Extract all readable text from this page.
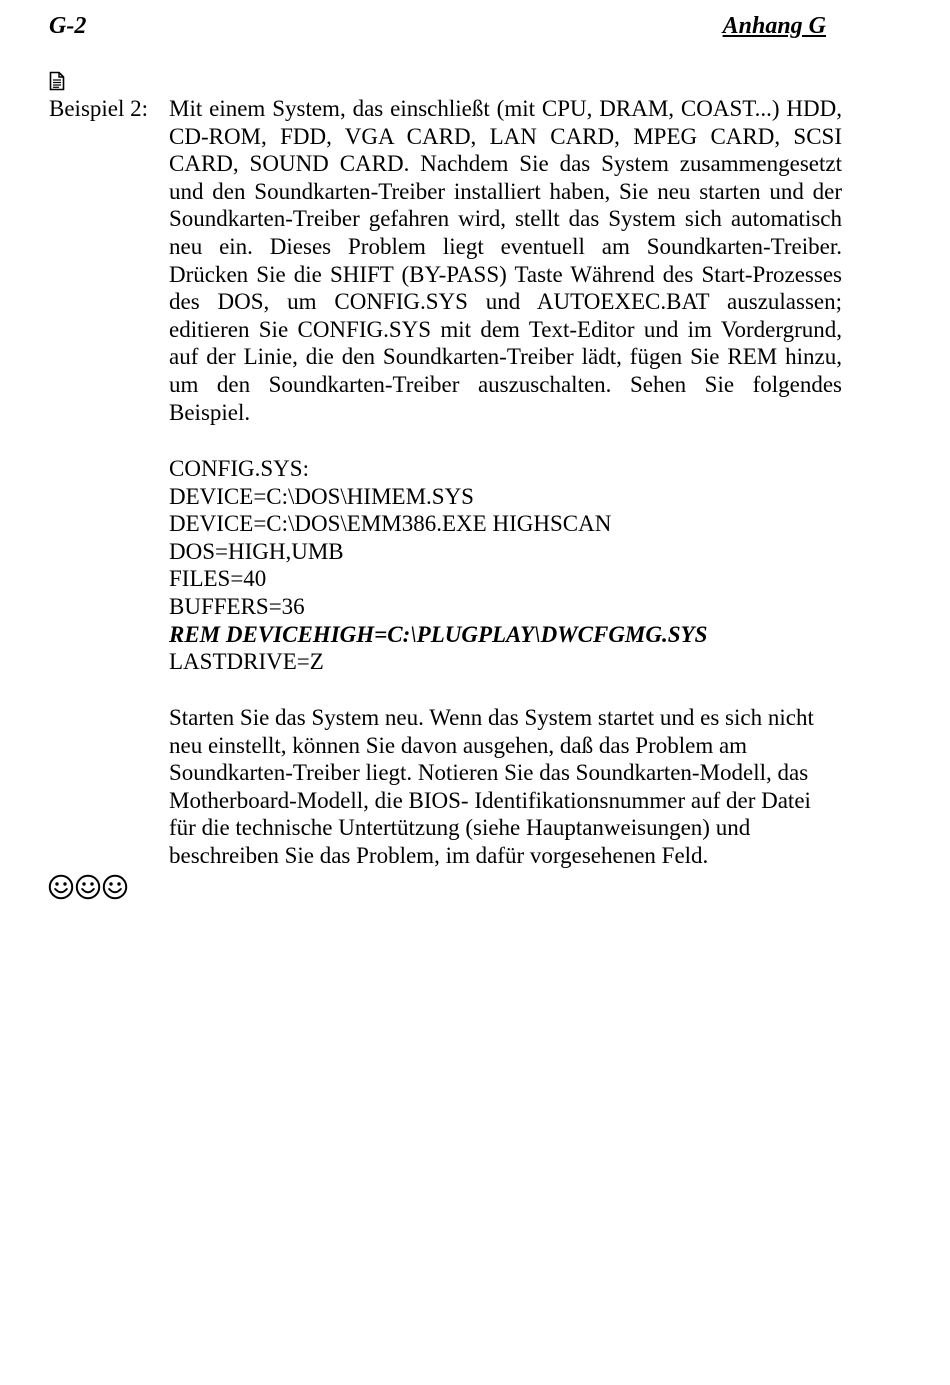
G-2	Anhang G
Beispiel 2: Mit einem System, das einschließt (mit CPU, DRAM, COAST...) HDD, CD-ROM, FDD, VGA CARD, LAN CARD, MPEG CARD, SCSI CARD, SOUND CARD. Nachdem Sie das System zusammengesetzt und den Soundkarten-Treiber installiert haben, Sie neu starten und der Soundkarten-Treiber gefahren wird, stellt das System sich automatisch neu ein. Dieses Problem liegt eventuell am Soundkarten-Treiber. Drücken Sie die SHIFT (BY-PASS) Taste Während des Start-Prozesses des DOS, um CONFIG.SYS und AUTOEXEC.BAT auszulassen; editieren Sie CONFIG.SYS mit dem Text-Editor und im Vordergrund, auf der Linie, die den Soundkarten-Treiber lädt, fügen Sie REM hinzu, um den Soundkarten-Treiber auszuschalten. Sehen Sie folgendes Beispiel.
CONFIG.SYS:
DEVICE=C:\DOS\HIMEM.SYS
DEVICE=C:\DOS\EMM386.EXE HIGHSCAN
DOS=HIGH,UMB
FILES=40
BUFFERS=36
REM DEVICEHIGH=C:\PLUGPLAY\DWCFGMG.SYS
LASTDRIVE=Z
Starten Sie das System neu. Wenn das System startet und es sich nicht neu einstellt, können Sie davon ausgehen, daß das Problem am Soundkarten-Treiber liegt. Notieren Sie das Soundkarten-Modell, das Motherboard-Modell, die BIOS- Identifikationsnummer auf der Datei für die technische Untertützung (siehe Hauptanweisungen) und beschreiben Sie das Problem, im dafür vorgesehenen Feld.
